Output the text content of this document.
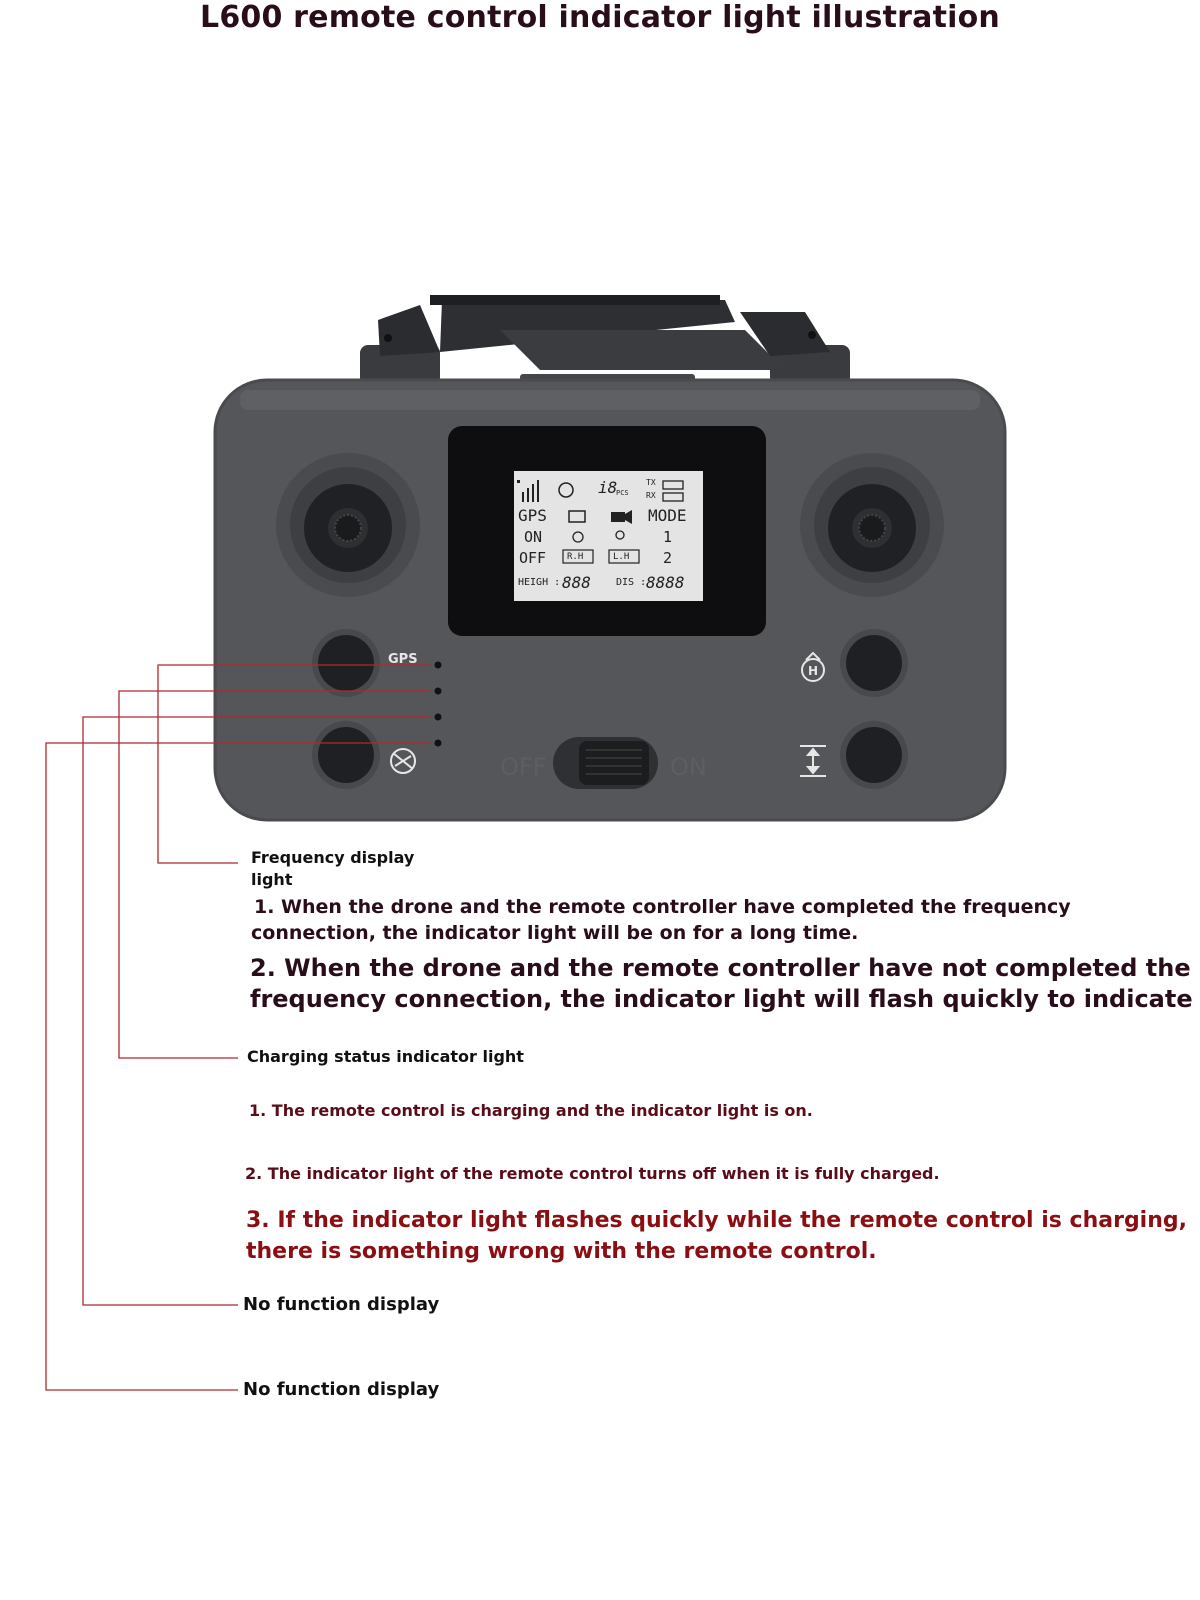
L600 remote control indicator light illustration
H
GPS
OFF	ON
i8
PCS
TX
RX
GPS	MODE
ON	1
OFF R.H	L.H 2
HEIGH : 888	DIS : 8888
Frequency display
light
1. When the drone and the remote controller have completed the frequency
connection, the indicator light will be on for a long time.
2. When the drone and the remote controller have not completed the
frequency connection, the indicator light will flash quickly to indicate
Charging status indicator light
1. The remote control is charging and the indicator light is on.
2. The indicator light of the remote control turns off when it is fully charged.
3. If the indicator light flashes quickly while the remote control is charging,
there is something wrong with the remote control.
No function display
No function display
